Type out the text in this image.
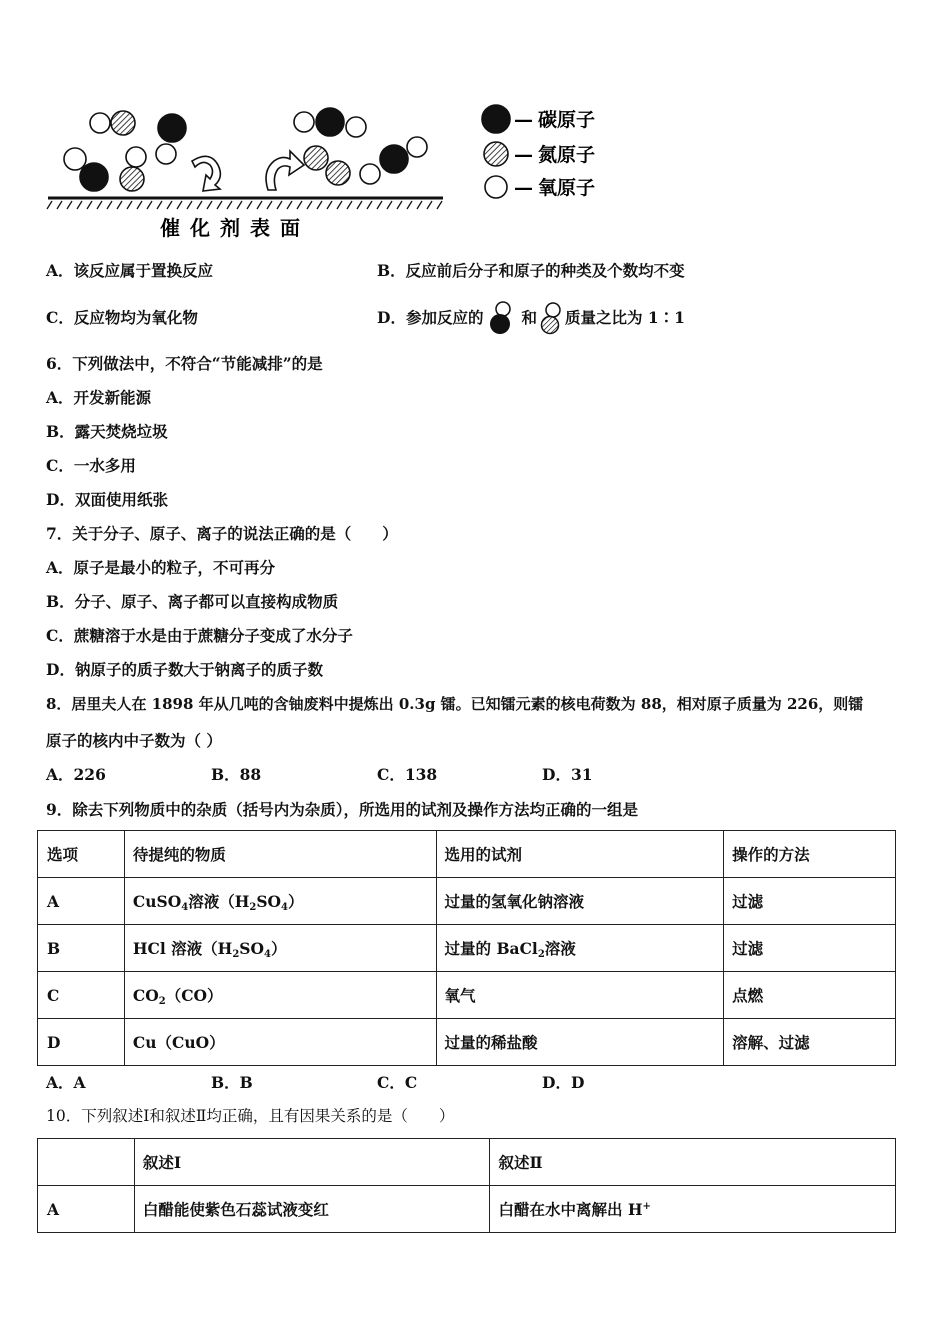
催化剂表面
— 碳原子
— 氮原子
— 氧原子
A．该反应属于置换反应	B．反应前后分子和原子的种类及个数均不变
C．反应物均为氧化物	D．参加反应的 和 质量之比为 1∶1
6．下列做法中，不符合“节能减排”的是
A．开发新能源
B．露天焚烧垃圾
C．一水多用
D．双面使用纸张
7．关于分子、原子、离子的说法正确的是（　　）
A．原子是最小的粒子，不可再分
B．分子、原子、离子都可以直接构成物质
C．蔗糖溶于水是由于蔗糖分子变成了水分子
D．钠原子的质子数大于钠离子的质子数
8．居里夫人在 1898 年从几吨的含铀废料中提炼出 0.3g 镭。已知镭元素的核电荷数为 88，相对原子质量为 226，则镭
原子的核内中子数为（ ）
A．226	B．88	C．138	D．31
9．除去下列物质中的杂质（括号内为杂质），所选用的试剂及操作方法均正确的一组是
选项	待提纯的物质	选用的试剂	操作的方法
A	CuSO$_4$溶液$(H_2SO_4)$	过量的氢氧化钠溶液	过滤
B	HCl 溶液$(H_2SO_4)$	过量的 BaCl$_2$溶液	过滤
C	$CO_2(CO)$	氧气	点燃
D	Cu（CuO）	过量的稀盐酸	溶解、过滤
A．A	B．B	C．C	D．D
10．下列叙述Ⅰ和叙述Ⅱ均正确，且有因果关系的是（　　）
	叙述Ⅰ	叙述Ⅱ
A	白醋能使紫色石蕊试液变红	白醋在水中离解出 H+
